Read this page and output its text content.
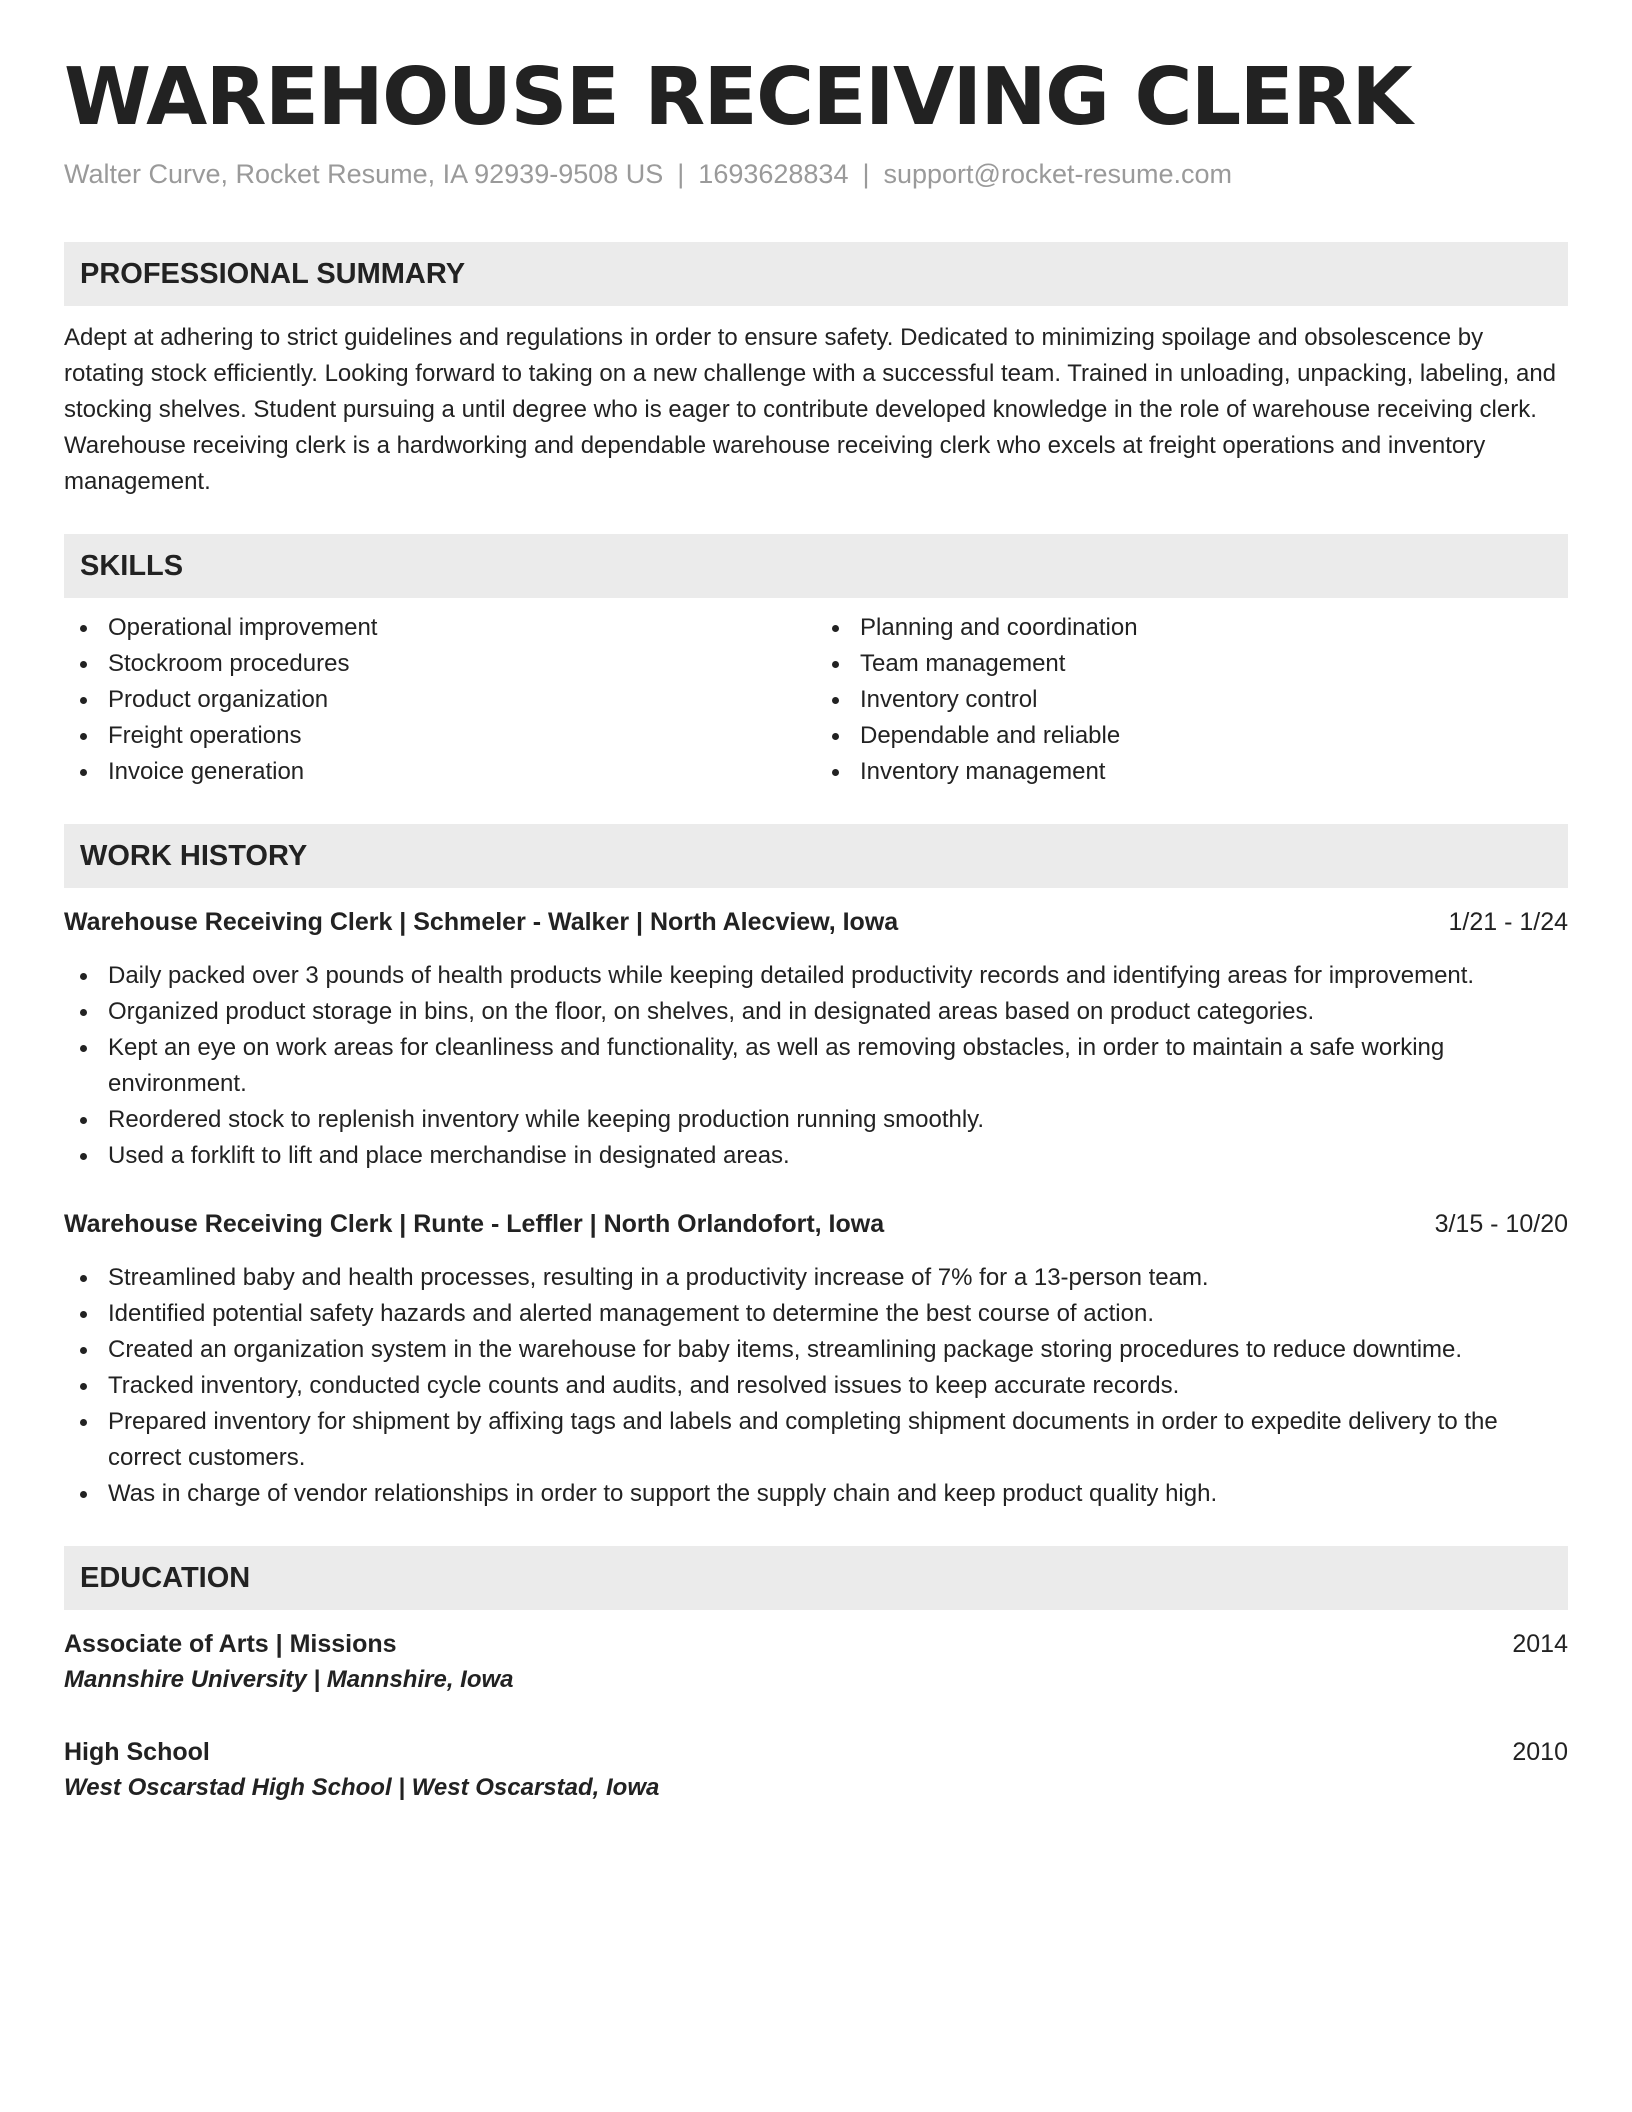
WAREHOUSE RECEIVING CLERK
Walter Curve, Rocket Resume, IA 92939-9508 US | 1693628834 | support@rocket-resume.com
PROFESSIONAL SUMMARY

Adept at adhering to strict guidelines and regulations in order to ensure safety. Dedicated to minimizing spoilage and obsolescence by rotating stock efficiently. Looking forward to taking on a new challenge with a successful team. Trained in unloading, unpacking, labeling, and stocking shelves. Student pursuing a until degree who is eager to contribute developed knowledge in the role of warehouse receiving clerk. Warehouse receiving clerk is a hardworking and dependable warehouse receiving clerk who excels at freight operations and inventory management.

SKILLS
Operational improvement
Stockroom procedures
Product organization
Freight operations
Invoice generation
Planning and coordination
Team management
Inventory control
Dependable and reliable
Inventory management
WORK HISTORY
Warehouse Receiving Clerk | Schmeler - Walker | North Alecview, Iowa	1/21 - 1/24
Daily packed over 3 pounds of health products while keeping detailed productivity records and identifying areas for improvement.
Organized product storage in bins, on the floor, on shelves, and in designated areas based on product categories.
Kept an eye on work areas for cleanliness and functionality, as well as removing obstacles, in order to maintain a safe working environment.
Reordered stock to replenish inventory while keeping production running smoothly.
Used a forklift to lift and place merchandise in designated areas.
Warehouse Receiving Clerk | Runte - Leffler | North Orlandofort, Iowa	3/15 - 10/20
Streamlined baby and health processes, resulting in a productivity increase of 7% for a 13-person team.
Identified potential safety hazards and alerted management to determine the best course of action.
Created an organization system in the warehouse for baby items, streamlining package storing procedures to reduce downtime.
Tracked inventory, conducted cycle counts and audits, and resolved issues to keep accurate records.
Prepared inventory for shipment by affixing tags and labels and completing shipment documents in order to expedite delivery to the correct customers.
Was in charge of vendor relationships in order to support the supply chain and keep product quality high.
EDUCATION
Associate of Arts | Missions	2014
Mannshire University | Mannshire, Iowa
High School	2010
West Oscarstad High School | West Oscarstad, Iowa
